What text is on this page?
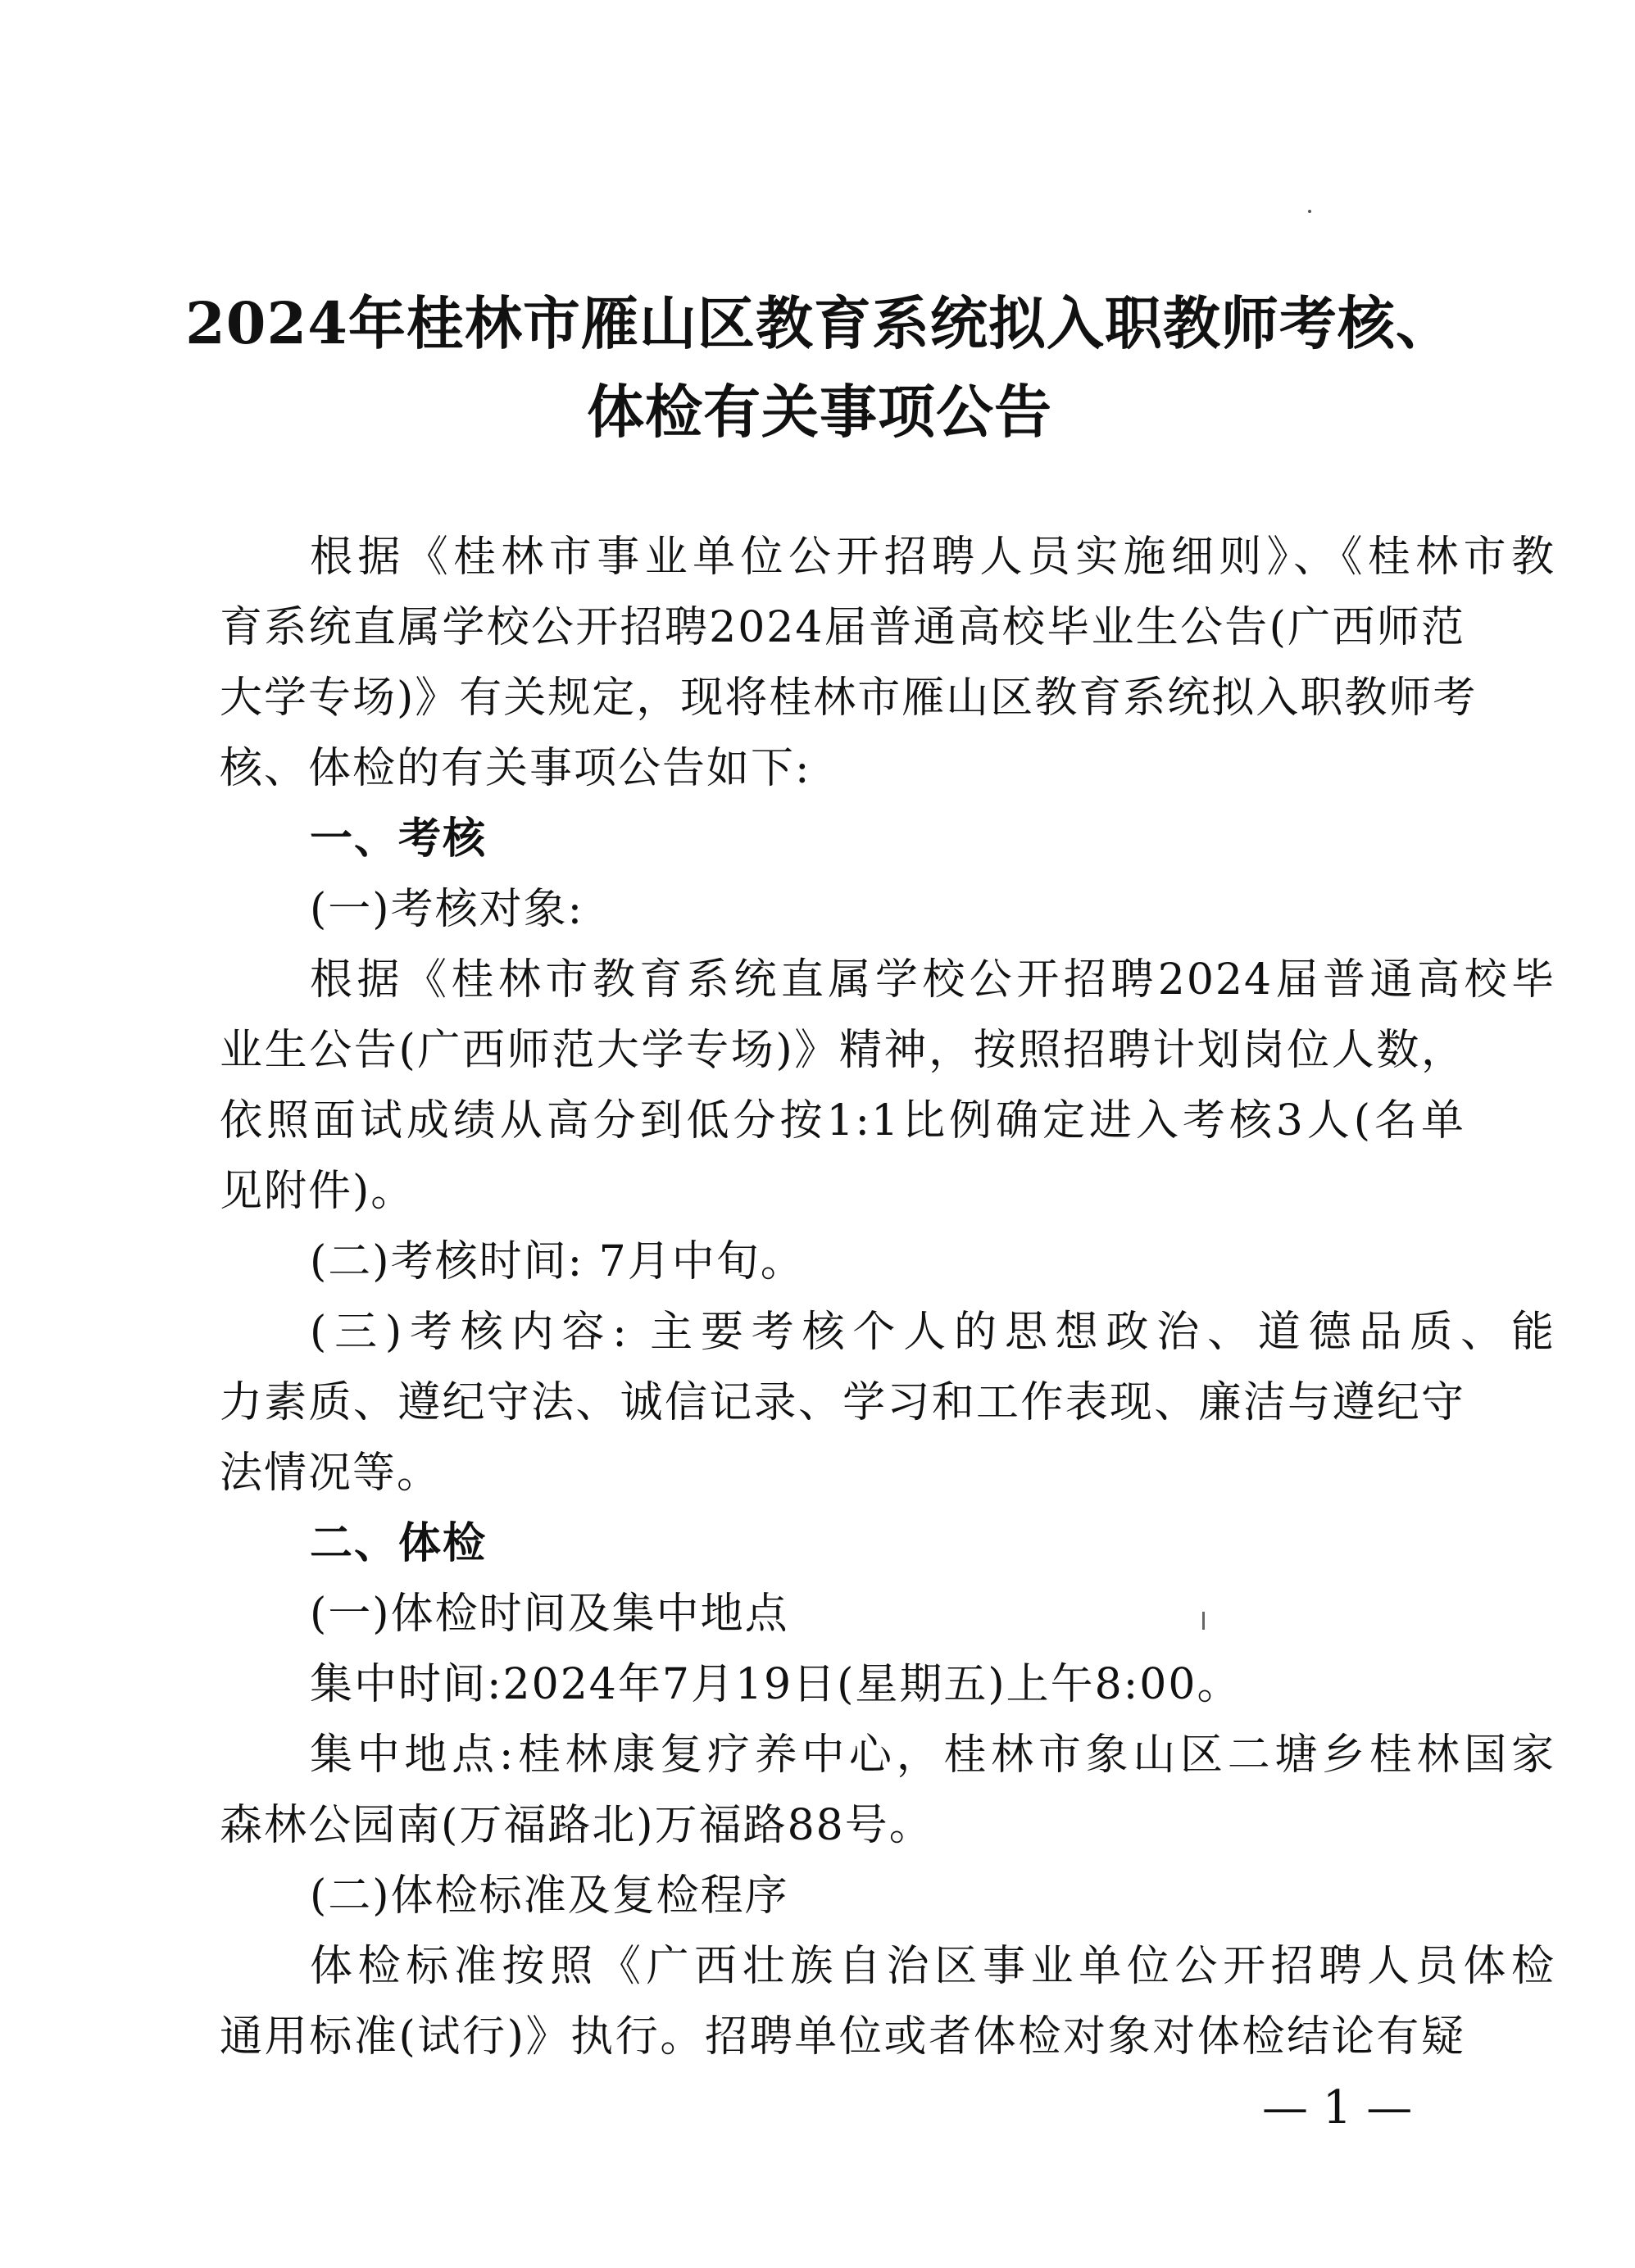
2024年桂林市雁山区教育系统拟入职教师考核、
体检有关事项公告
根据《桂林市事业单位公开招聘人员实施细则》、《桂林市教
育系统直属学校公开招聘2024届普通高校毕业生公告(广西师范
大学专场)》有关规定，现将桂林市雁山区教育系统拟入职教师考
核、体检的有关事项公告如下:
一、考核
(一)考核对象:
根据《桂林市教育系统直属学校公开招聘2024届普通高校毕
业生公告(广西师范大学专场)》精神，按照招聘计划岗位人数，
依照面试成绩从高分到低分按1:1比例确定进入考核3人(名单
见附件)。
(二)考核时间: 7月中旬。
(三)考核内容: 主要考核个人的思想政治、道德品质、能
力素质、遵纪守法、诚信记录、学习和工作表现、廉洁与遵纪守
法情况等。
二、体检
(一)体检时间及集中地点
集中时间:2024年7月19日(星期五)上午8:00。
集中地点:桂林康复疗养中心，桂林市象山区二塘乡桂林国家
森林公园南(万福路北)万福路88号。
(二)体检标准及复检程序
体检标准按照《广西壮族自治区事业单位公开招聘人员体检
通用标准(试行)》执行。招聘单位或者体检对象对体检结论有疑
— 1 —
